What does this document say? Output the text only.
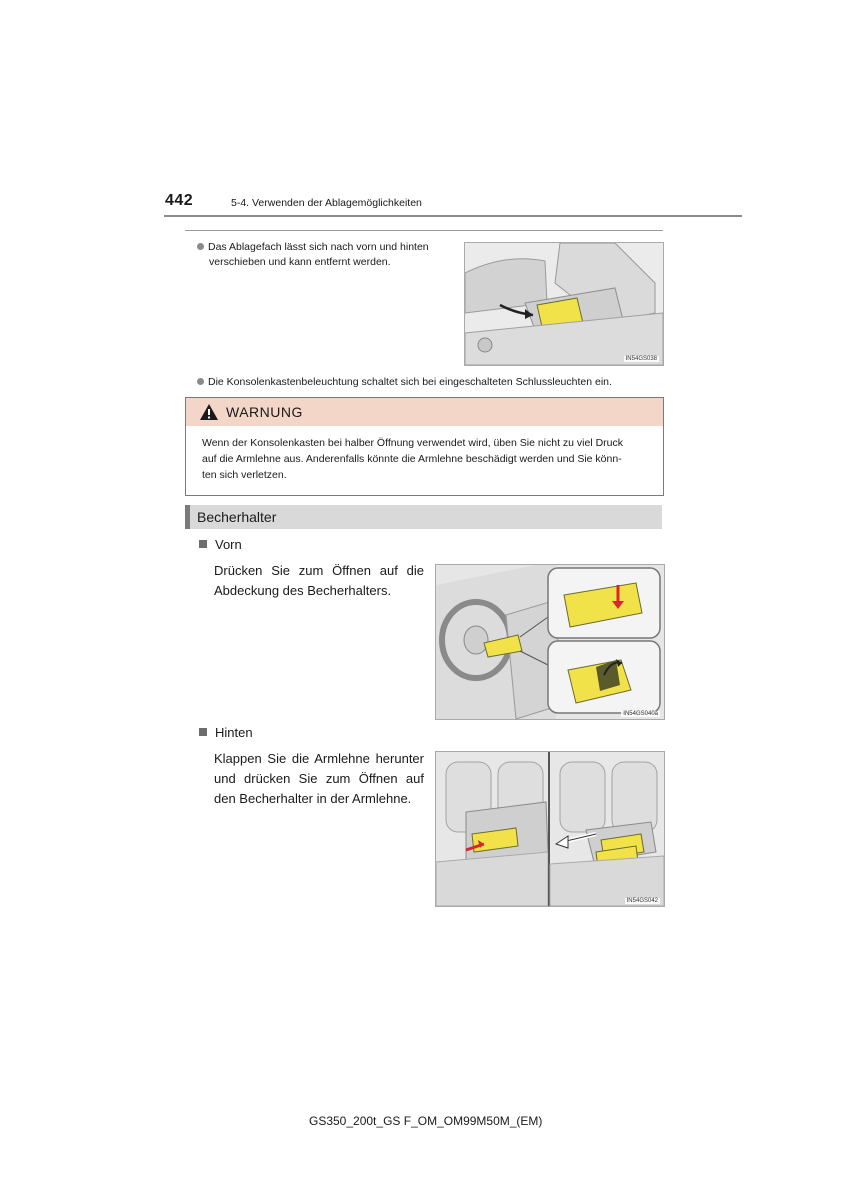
442	5-4. Verwenden der Ablagemöglichkeiten
Das Ablagefach lässt sich nach vorn und hinten
verschieben und kann entfernt werden.
IN54GS038
Die Konsolenkastenbeleuchtung schaltet sich bei eingeschalteten Schlussleuchten ein.
WARNUNG
Wenn der Konsolenkasten bei halber Öffnung verwendet wird, üben Sie nicht zu viel Druck
auf die Armlehne aus. Anderenfalls könnte die Armlehne beschädigt werden und Sie könn-
ten sich verletzen.
Becherhalter
Vorn
Drücken Sie zum Öffnen auf die
Abdeckung des Becherhalters.
IN54GS040a
Hinten
Klappen Sie die Armlehne herunter
und drücken Sie zum Öffnen auf
den Becherhalter in der Armlehne.
IN54GS042
GS350_200t_GS F_OM_OM99M50M_(EM)
